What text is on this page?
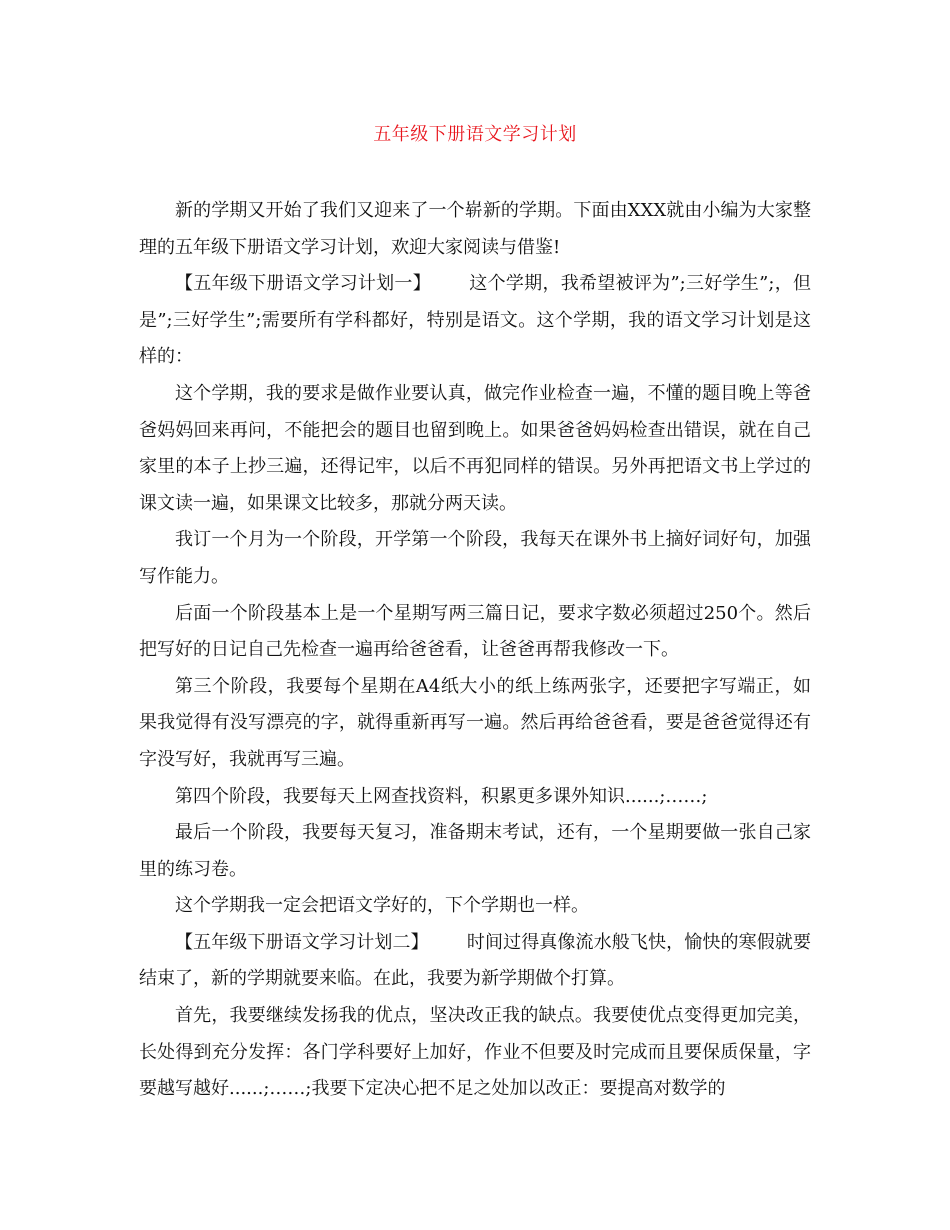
五年级下册语文学习计划

新的学期又开始了我们又迎来了一个崭新的学期。下面由XXX就由小编为大家整理的五年级下册语文学习计划，欢迎大家阅读与借鉴!

【五年级下册语文学习计划一】 这个学期，我希望被评为”;三好学生”;，但是”;三好学生”;需要所有学科都好，特别是语文。这个学期，我的语文学习计划是这样的：

这个学期，我的要求是做作业要认真，做完作业检查一遍，不懂的题目晚上等爸爸妈妈回来再问，不能把会的题目也留到晚上。如果爸爸妈妈检查出错误，就在自己家里的本子上抄三遍，还得记牢，以后不再犯同样的错误。另外再把语文书上学过的课文读一遍，如果课文比较多，那就分两天读。

我订一个月为一个阶段，开学第一个阶段，我每天在课外书上摘好词好句，加强写作能力。

后面一个阶段基本上是一个星期写两三篇日记，要求字数必须超过250个。然后把写好的日记自己先检查一遍再给爸爸看，让爸爸再帮我修改一下。

第三个阶段，我要每个星期在A4纸大小的纸上练两张字，还要把字写端正，如果我觉得有没写漂亮的字，就得重新再写一遍。然后再给爸爸看，要是爸爸觉得还有字没写好，我就再写三遍。

第四个阶段，我要每天上网查找资料，积累更多课外知识......;……;

最后一个阶段，我要每天复习，准备期末考试，还有，一个星期要做一张自己家里的练习卷。

这个学期我一定会把语文学好的，下个学期也一样。

【五年级下册语文学习计划二】 时间过得真像流水般飞快，愉快的寒假就要结束了，新的学期就要来临。在此，我要为新学期做个打算。

首先，我要继续发扬我的优点，坚决改正我的缺点。我要使优点变得更加完美，长处得到充分发挥：各门学科要好上加好，作业不但要及时完成而且要保质保量，字要越写越好......;……;我要下定决心把不足之处加以改正：要提高对数学的
